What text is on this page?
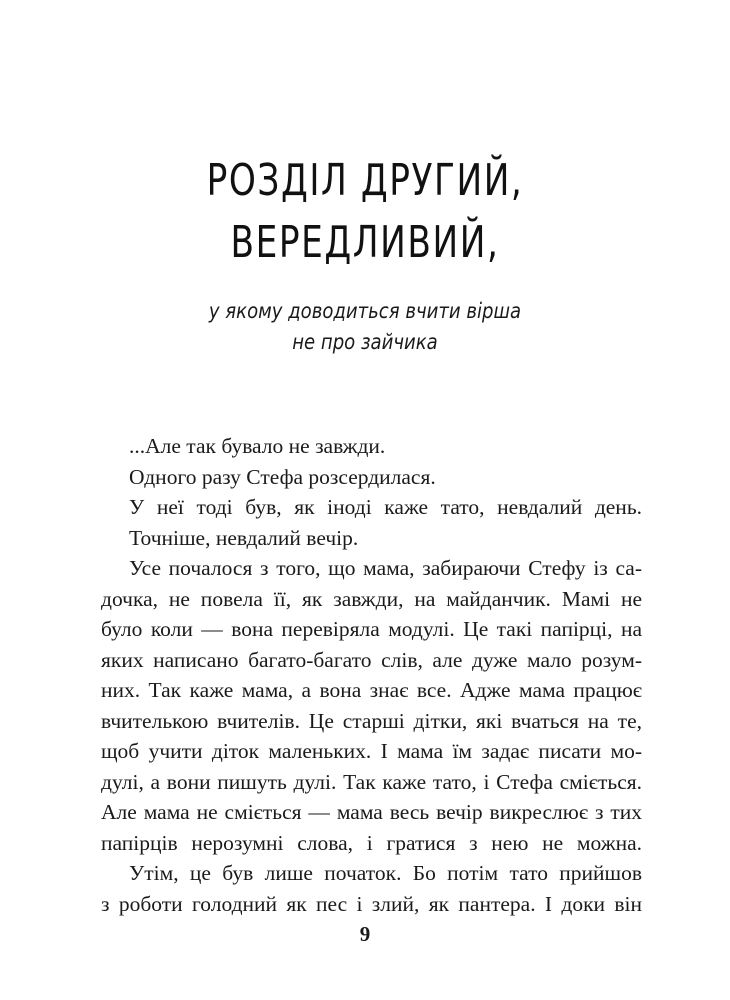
РОЗДІЛ ДРУГИЙ,
ВЕРЕДЛИВИЙ,
у якому доводиться вчити вірша
не про зайчика
...Але так бувало не завжди.
Одного разу Стефа розсердилася.
У неї тоді був, як іноді каже тато, невдалий день.
Точніше, невдалий вечір.
Усе почалося з того, що мама, забираючи Стефу із са-
дочка, не повела її, як завжди, на майданчик. Мамі не
було коли — вона перевіряла модулі. Це такі папірці, на
яких написано багато-багато слів, але дуже мало розум-
них. Так каже мама, а вона знає все. Адже мама працює
вчителькою вчителів. Це старші дітки, які вчаться на те,
щоб учити діток маленьких. І мама їм задає писати мо-
дулі, а вони пишуть дулі. Так каже тато, і Стефа сміється.
Але мама не сміється — мама весь вечір викреслює з тих
папірців нерозумні слова, і гратися з нею не можна.
Утім, це був лише початок. Бо потім тато прийшов
з роботи голодний як пес і злий, як пантера. І доки він
9
